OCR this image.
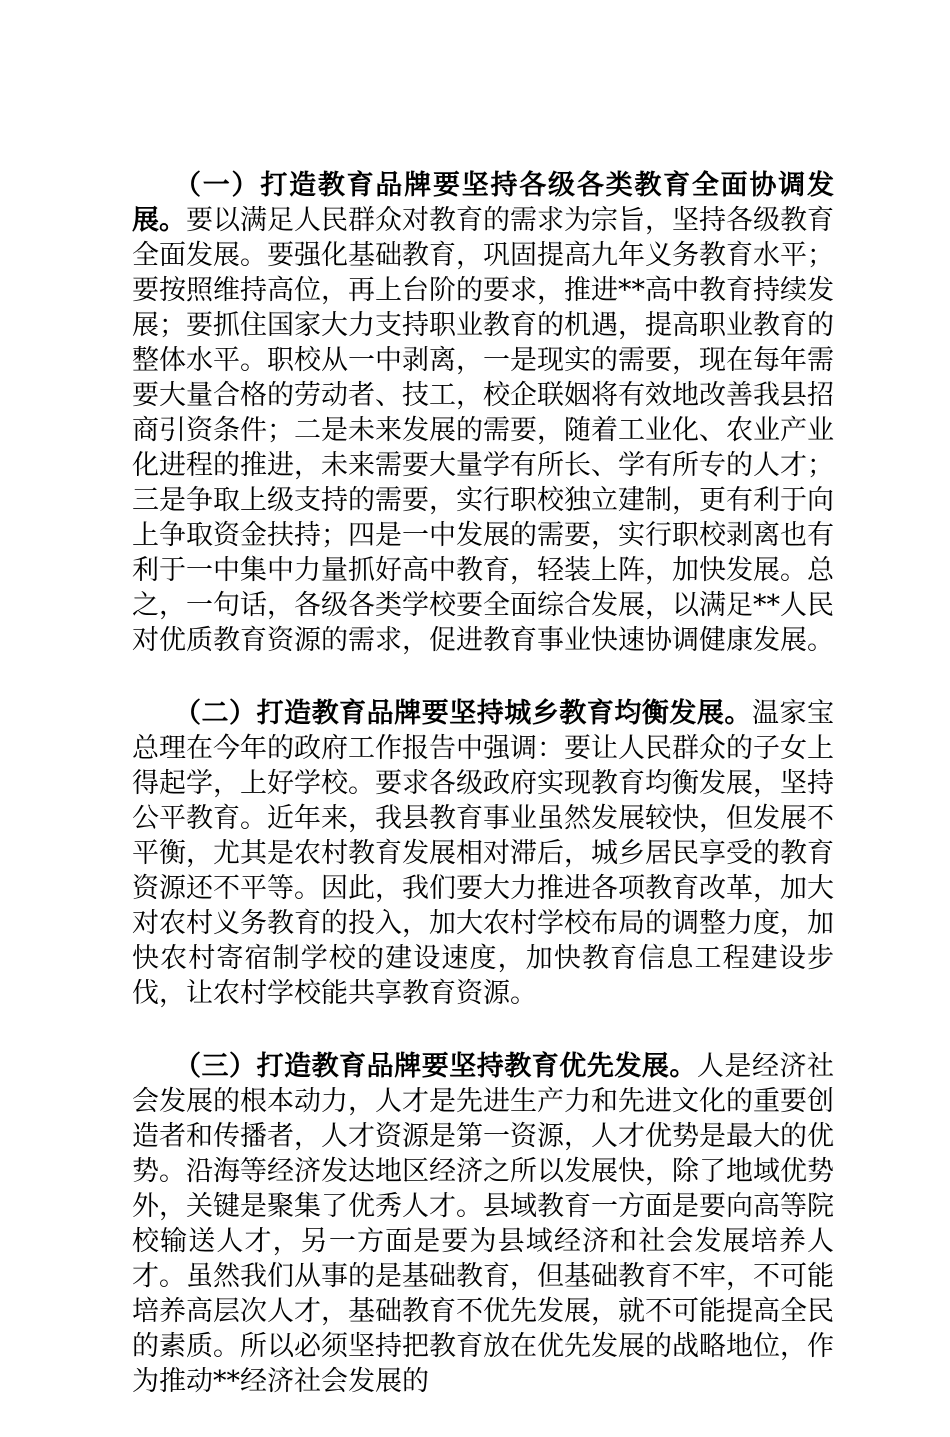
（一）打造教育品牌要坚持各级各类教育全面协调发展。要以满足人民群众对教育的需求为宗旨，坚持各级教育全面发展。要强化基础教育，巩固提高九年义务教育水平；要按照维持高位，再上台阶的要求，推进**高中教育持续发展；要抓住国家大力支持职业教育的机遇，提高职业教育的整体水平。职校从一中剥离，一是现实的需要，现在每年需要大量合格的劳动者、技工，校企联姻将有效地改善我县招商引资条件；二是未来发展的需要，随着工业化、农业产业化进程的推进，未来需要大量学有所长、学有所专的人才；三是争取上级支持的需要，实行职校独立建制，更有利于向上争取资金扶持；四是一中发展的需要，实行职校剥离也有利于一中集中力量抓好高中教育，轻装上阵，加快发展。总之，一句话，各级各类学校要全面综合发展，以满足**人民对优质教育资源的需求，促进教育事业快速协调健康发展。

（二）打造教育品牌要坚持城乡教育均衡发展。温家宝总理在今年的政府工作报告中强调：要让人民群众的子女上得起学，上好学校。要求各级政府实现教育均衡发展，坚持公平教育。近年来，我县教育事业虽然发展较快，但发展不平衡，尤其是农村教育发展相对滞后，城乡居民享受的教育资源还不平等。因此，我们要大力推进各项教育改革，加大对农村义务教育的投入，加大农村学校布局的调整力度，加快农村寄宿制学校的建设速度，加快教育信息工程建设步伐，让农村学校能共享教育资源。

（三）打造教育品牌要坚持教育优先发展。人是经济社会发展的根本动力，人才是先进生产力和先进文化的重要创造者和传播者，人才资源是第一资源，人才优势是最大的优势。沿海等经济发达地区经济之所以发展快，除了地域优势外，关键是聚集了优秀人才。县域教育一方面是要向高等院校输送人才，另一方面是要为县域经济和社会发展培养人才。虽然我们从事的是基础教育，但基础教育不牢，不可能培养高层次人才，基础教育不优先发展，就不可能提高全民的素质。所以必须坚持把教育放在优先发展的战略地位，作为推动**经济社会发展的
